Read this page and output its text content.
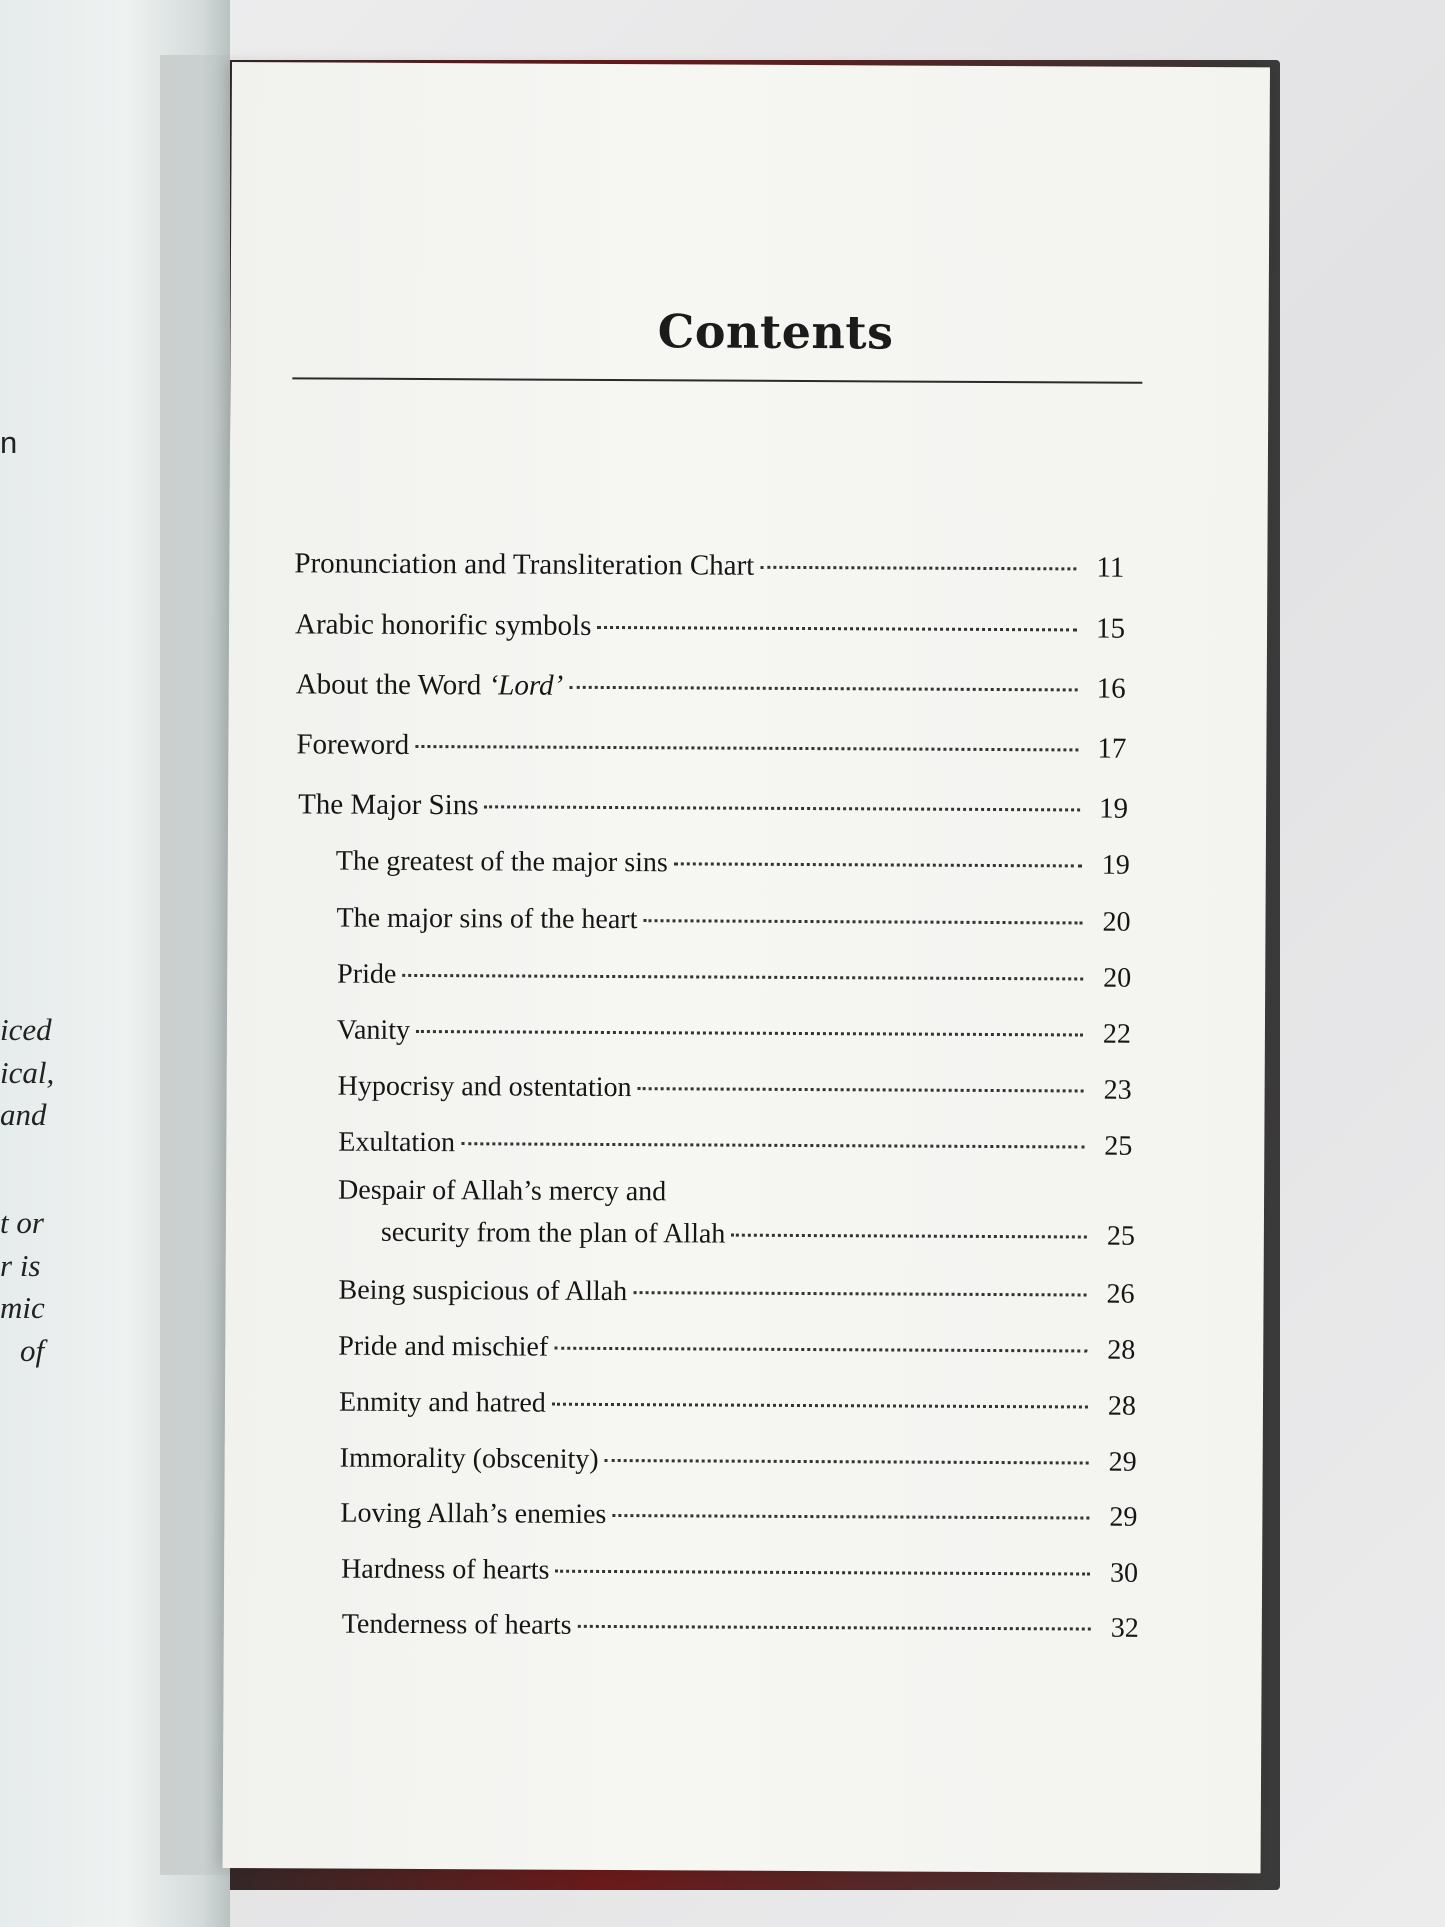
n
iced
ical,
and
t or
r is
mic
of
Contents
Pronunciation and Transliteration Chart	11
Arabic honorific symbols	15
About the Word ‘Lord’	16
Foreword	17
The Major Sins	19
The greatest of the major sins	19
The major sins of the heart	20
Pride	20
Vanity	22
Hypocrisy and ostentation	23
Exultation	25
Despair of Allah’s mercy and
security from the plan of Allah	25
Being suspicious of Allah	26
Pride and mischief	28
Enmity and hatred	28
Immorality (obscenity)	29
Loving Allah’s enemies	29
Hardness of hearts	30
Tenderness of hearts	32
